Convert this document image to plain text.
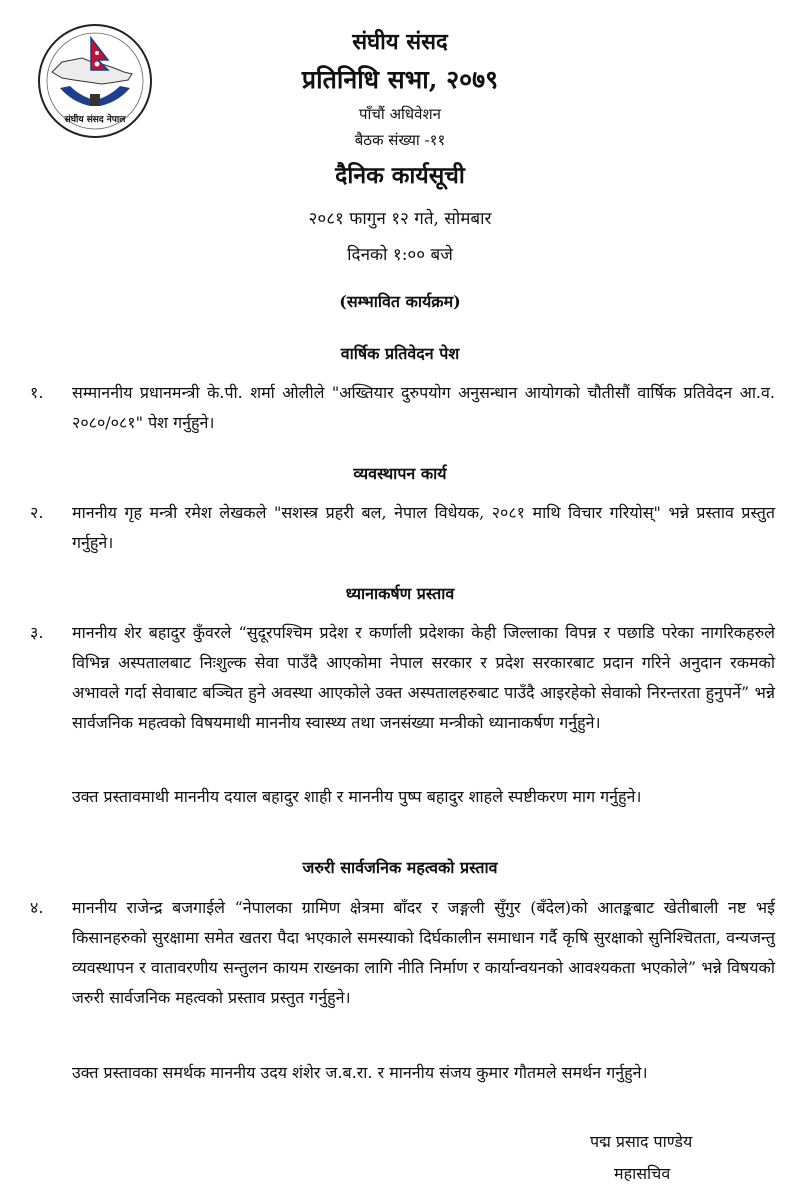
संघीय संसद नेपाल
संघीय संसद
प्रतिनिधि सभा, २०७९
पाँचौं अधिवेशन
बैठक संख्या -११
दैनिक कार्यसूची
२०८१ फागुन १२ गते, सोमबार
दिनको १:०० बजे
(सम्भावित कार्यक्रम)
वार्षिक प्रतिवेदन पेश
१.	सम्माननीय प्रधानमन्त्री के.पी. शर्मा ओलीले "अख्तियार दुरुपयोग अनुसन्धान आयोगको चौतीसौं वार्षिक प्रतिवेदन आ.व. २०८०/०८१" पेश गर्नुहुने।
व्यवस्थापन कार्य
२.	माननीय गृह मन्त्री रमेश लेखकले "सशस्त्र प्रहरी बल, नेपाल विधेयक, २०८१ माथि विचार गरियोस्" भन्ने प्रस्ताव प्रस्तुत गर्नुहुने।
ध्यानाकर्षण प्रस्ताव
३.	माननीय शेर बहादुर कुँवरले “सुदूरपश्चिम प्रदेश र कर्णाली प्रदेशका केही जिल्लाका विपन्न र पछाडि परेका नागरिकहरुले विभिन्न अस्पतालबाट निःशुल्क सेवा पाउँदै आएकोमा नेपाल सरकार र प्रदेश सरकारबाट प्रदान गरिने अनुदान रकमको अभावले गर्दा सेवाबाट बञ्चित हुने अवस्था आएकोले उक्त अस्पतालहरुबाट पाउँदै आइरहेको सेवाको निरन्तरता हुनुपर्ने” भन्ने सार्वजनिक महत्वको विषयमाथी माननीय स्वास्थ्य तथा जनसंख्या मन्त्रीको ध्यानाकर्षण गर्नुहुने।
उक्त प्रस्तावमाथी माननीय दयाल बहादुर शाही र माननीय पुष्प बहादुर शाहले स्पष्टीकरण माग गर्नुहुने।
जरुरी सार्वजनिक महत्वको प्रस्ताव
४.	माननीय राजेन्द्र बजगाईले “नेपालका ग्रामिण क्षेत्रमा बाँदर र जङ्गली सुँगुर (बँदेल)को आतङ्कबाट खेतीबाली नष्ट भई किसानहरुको सुरक्षामा समेत खतरा पैदा भएकाले समस्याको दिर्घकालीन समाधान गर्दै कृषि सुरक्षाको सुनिश्चितता, वन्यजन्तु व्यवस्थापन र वातावरणीय सन्तुलन कायम राख्नका लागि नीति निर्माण र कार्यान्वयनको आवश्यकता भएकोले” भन्ने विषयको जरुरी सार्वजनिक महत्वको प्रस्ताव प्रस्तुत गर्नुहुने।
उक्त प्रस्तावका समर्थक माननीय उदय शंशेर ज.ब.रा. र माननीय संजय कुमार गौतमले समर्थन गर्नुहुने।
पद्म प्रसाद पाण्डेय
महासचिव
